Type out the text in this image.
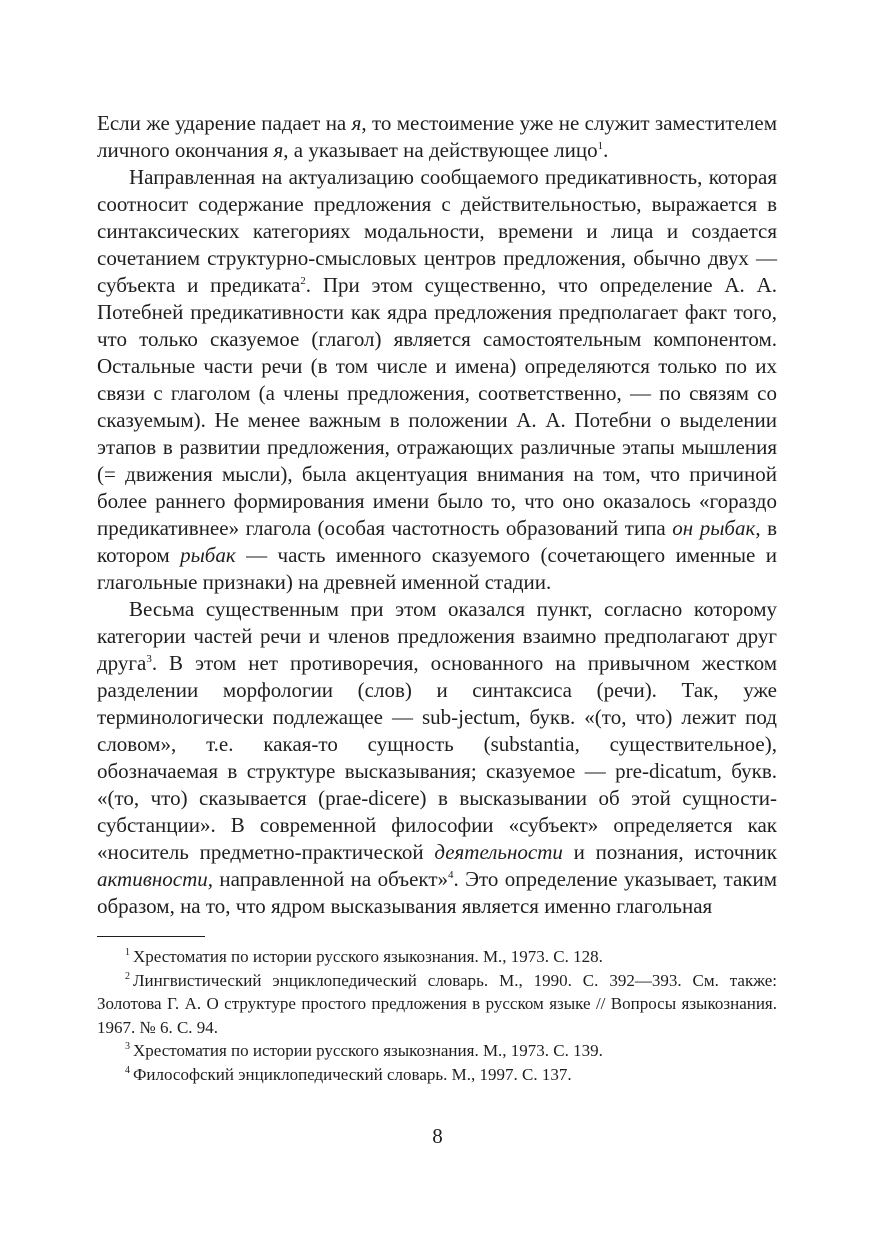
Если же ударение падает на я, то местоимение уже не служит заместителем личного окончания я, а указывает на действующее лицо$^1$.

Направленная на актуализацию сообщаемого предикативность, которая соотносит содержание предложения с действительностью, выражается в синтаксических категориях модальности, времени и лица и создается сочетанием структурно-смысловых центров предложения, обычно двух — субъекта и предиката$^2$. При этом существенно, что определение А. А. Потебней предикативности как ядра предложения предполагает факт того, что только сказуемое (глагол) является самостоятельным компонентом. Остальные части речи (в том числе и имена) определяются только по их связи с глаголом (а члены предложения, соответственно, — по связям со сказуемым). Не менее важным в положении А. А. Потебни о выделении этапов в развитии предложения, отражающих различные этапы мышления (= движения мысли), была акцентуация внимания на том, что причиной более раннего формирования имени было то, что оно оказалось «гораздо предикативнее» глагола (особая частотность образований типа он рыбак, в котором рыбак — часть именного сказуемого (сочетающего именные и глагольные признаки) на древней именной стадии.

Весьма существенным при этом оказался пункт, согласно которому категории частей речи и членов предложения взаимно предполагают друг друга$^3$. В этом нет противоречия, основанного на привычном жестком разделении морфологии (слов) и синтаксиса (речи). Так, уже терминологически подлежащее — sub-jectum, букв. «(то, что) лежит под словом», т.е. какая-то сущность (substantia, существительное), обозначаемая в структуре высказывания; сказуемое — pre-dicatum, букв. «(то, что) сказывается (prae-dicere) в высказывании об этой сущности-субстанции». В современной философии «субъект» определяется как «носитель предметно-практической деятельности и познания, источник активности, направленной на объект»$^4$. Это определение указывает, таким образом, на то, что ядром высказывания является именно глагольная

$^1$ Хрестоматия по истории русского языкознания. М., 1973. С. 128.

$^2$ Лингвистический энциклопедический словарь. М., 1990. С. 392—393. См. также: Золотова Г. А. О структуре простого предложения в русском языке // Вопросы языкознания. 1967. № 6. С. 94.

$^3$ Хрестоматия по истории русского языкознания. М., 1973. С. 139.

$^4$ Философский энциклопедический словарь. М., 1997. С. 137.

8
